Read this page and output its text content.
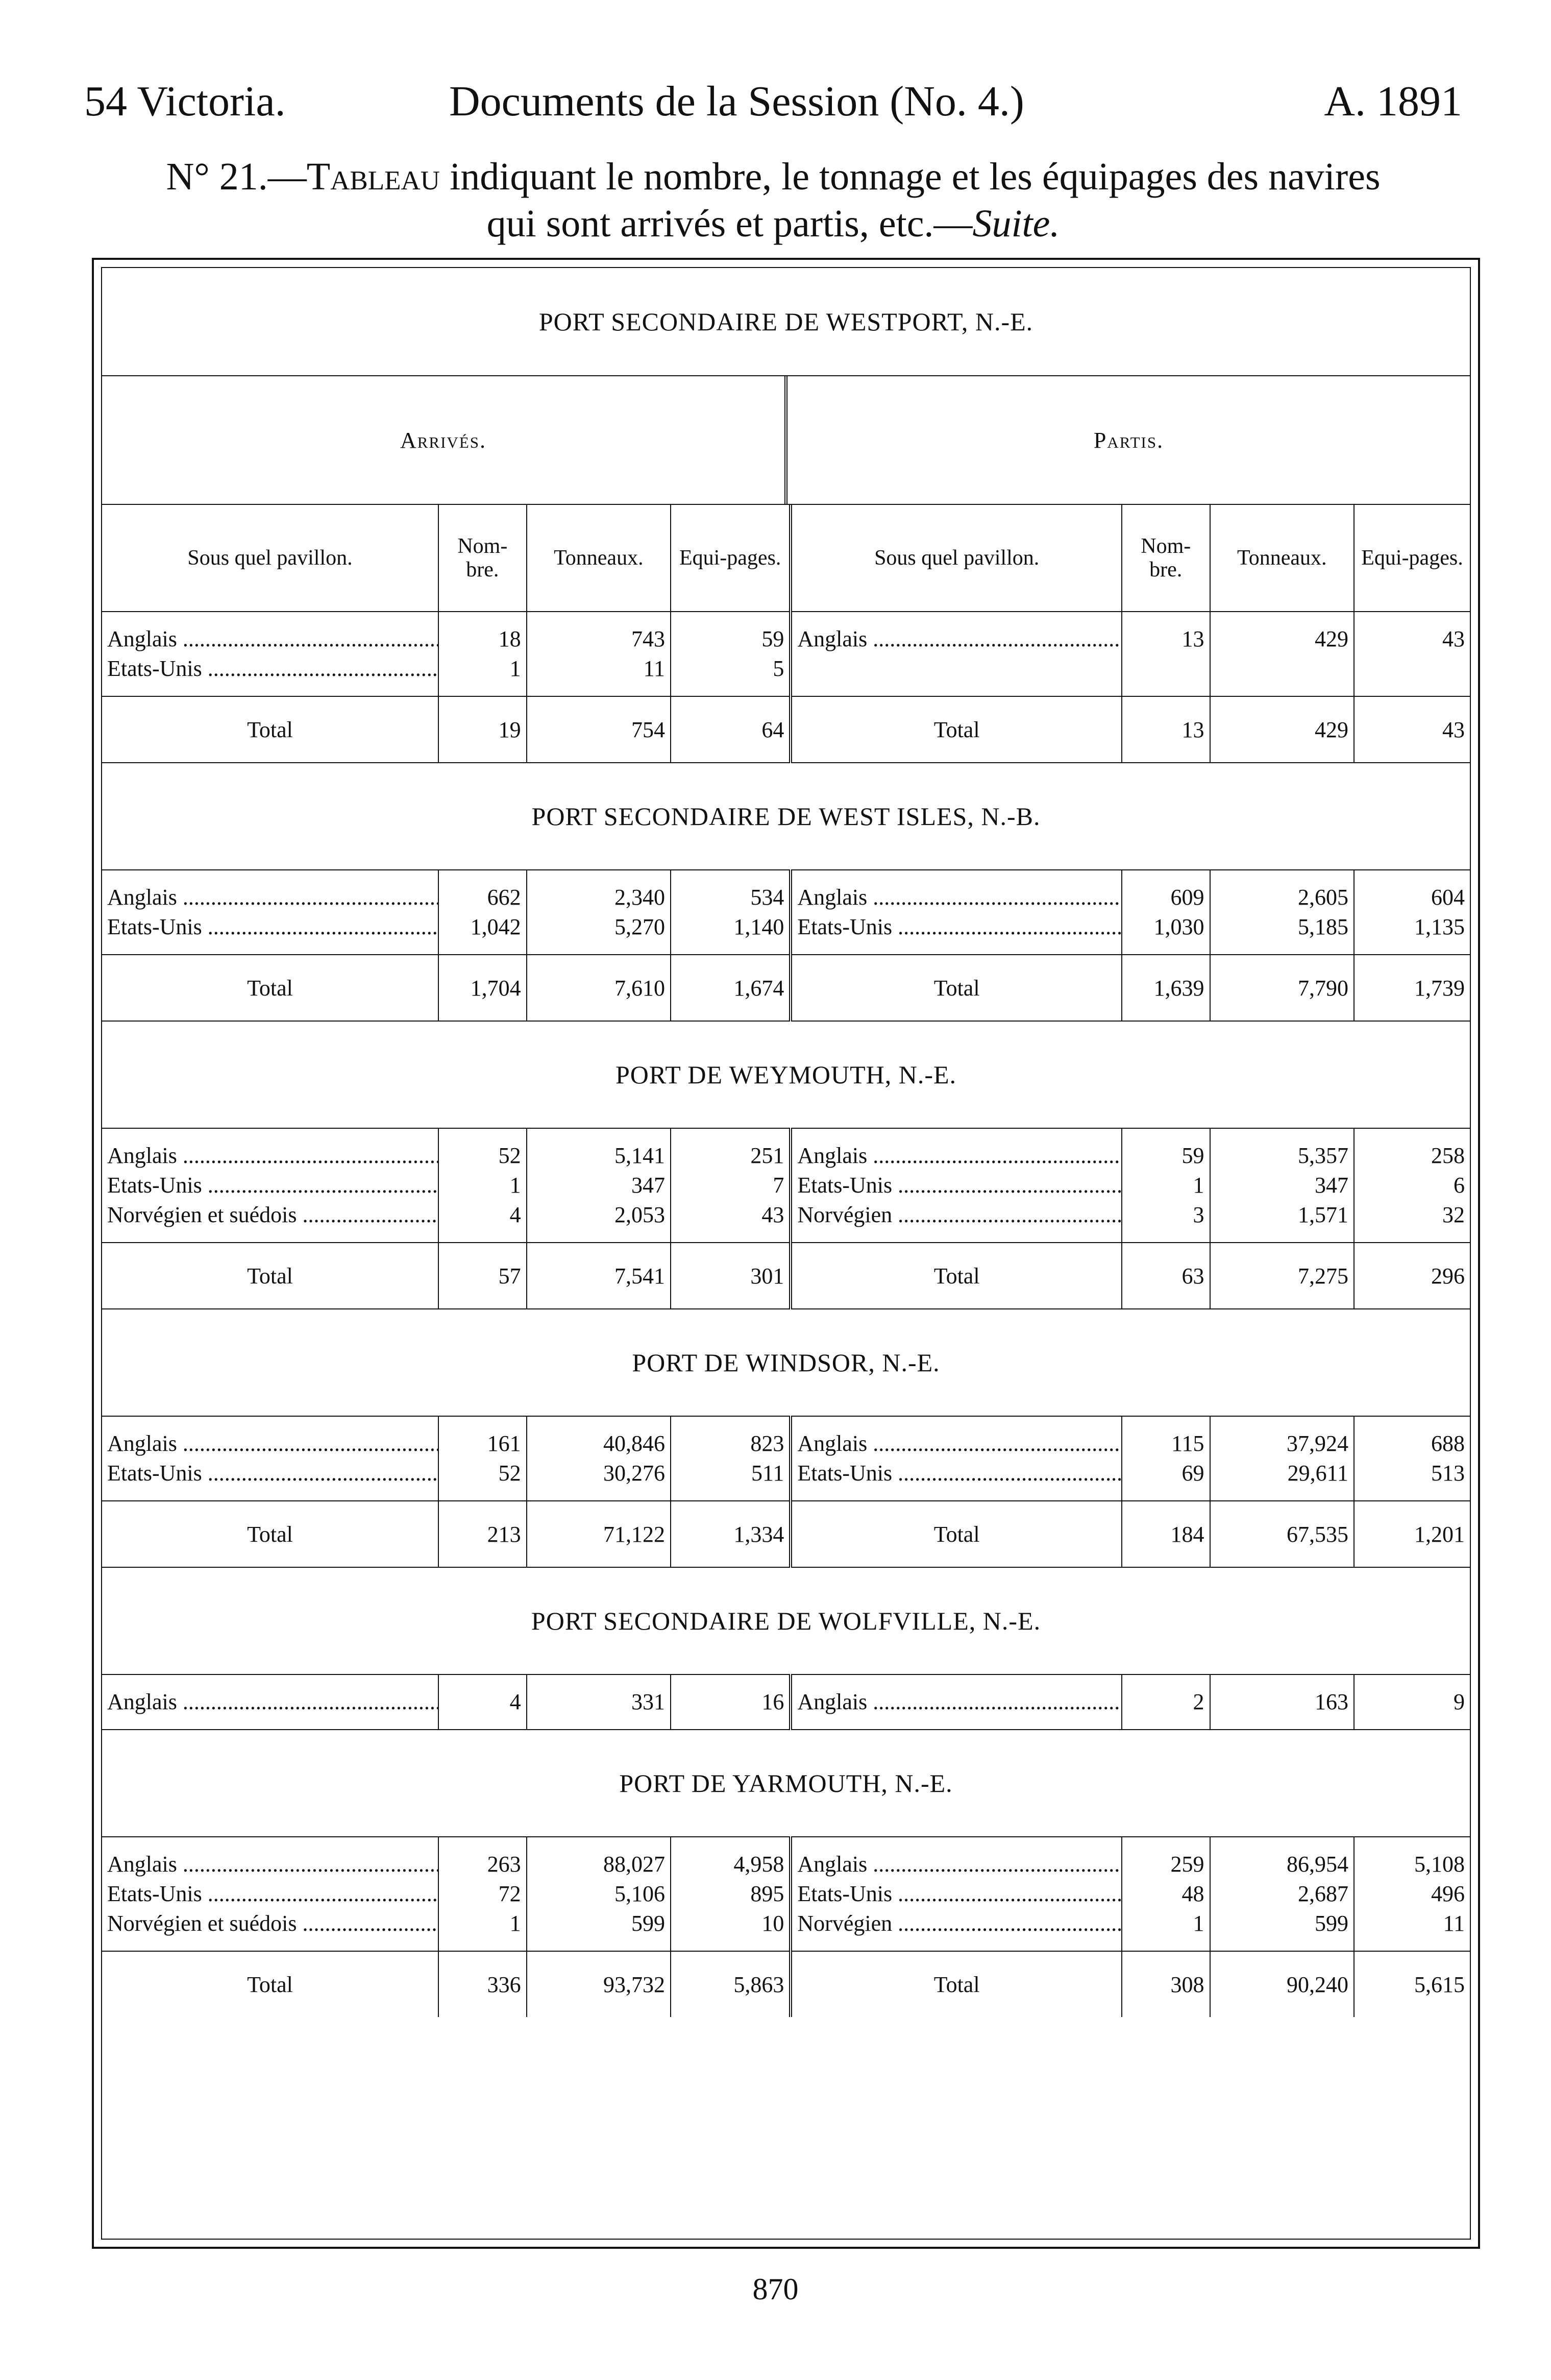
54 Victoria.	Documents de la Session (No. 4.)	A. 1891
N° 21.—Tableau indiquant le nombre, le tonnage et les équipages des navires
qui sont arrivés et partis, etc.—Suite.
PORT SECONDAIRE DE WESTPORT, N.-E.
Arrivés.	Partis.
Sous quel pavillon.	Nom-bre.	Tonneaux.	Equi-pages.	Sous quel pavillon.	Nom-bre.	Tonneaux.	Equi-pages.
Anglais .....	18	743	59	Anglais .....	13	429	43
Etats-Unis .....	1	11	5				
Total	19	754	64	Total	13	429	43
PORT SECONDAIRE DE WEST ISLES, N.-B.							
Anglais .....	662	2,340	534	Anglais .....	609	2,605	604
Etats-Unis .....	1,042	5,270	1,140	Etats-Unis .....	1,030	5,185	1,135
Total	1,704	7,610	1,674	Total	1,639	7,790	1,739
PORT DE WEYMOUTH, N.-E.							
Anglais .....	52	5,141	251	Anglais .....	59	5,357	258
Etats-Unis .....	1	347	7	Etats-Unis .....	1	347	6
Norvégien et suédois .....	4	2,053	43	Norvégien .....	3	1,571	32
Total	57	7,541	301	Total	63	7,275	296
PORT DE WINDSOR, N.-E.							
Anglais .....	161	40,846	823	Anglais .....	115	37,924	688
Etats-Unis .....	52	30,276	511	Etats-Unis .....	69	29,611	513
Total	213	71,122	1,334	Total	184	67,535	1,201
PORT SECONDAIRE DE WOLFVILLE, N.-E.							
Anglais .....	4	331	16	Anglais .....	2	163	9
PORT DE YARMOUTH, N.-E.							
Anglais .....	263	88,027	4,958	Anglais .....	259	86,954	5,108
Etats-Unis .....	72	5,106	895	Etats-Unis .....	48	2,687	496
Norvégien et suédois .....	1	599	10	Norvégien .....	1	599	11
Total	336	93,732	5,863	Total	308	90,240	5,615
870
